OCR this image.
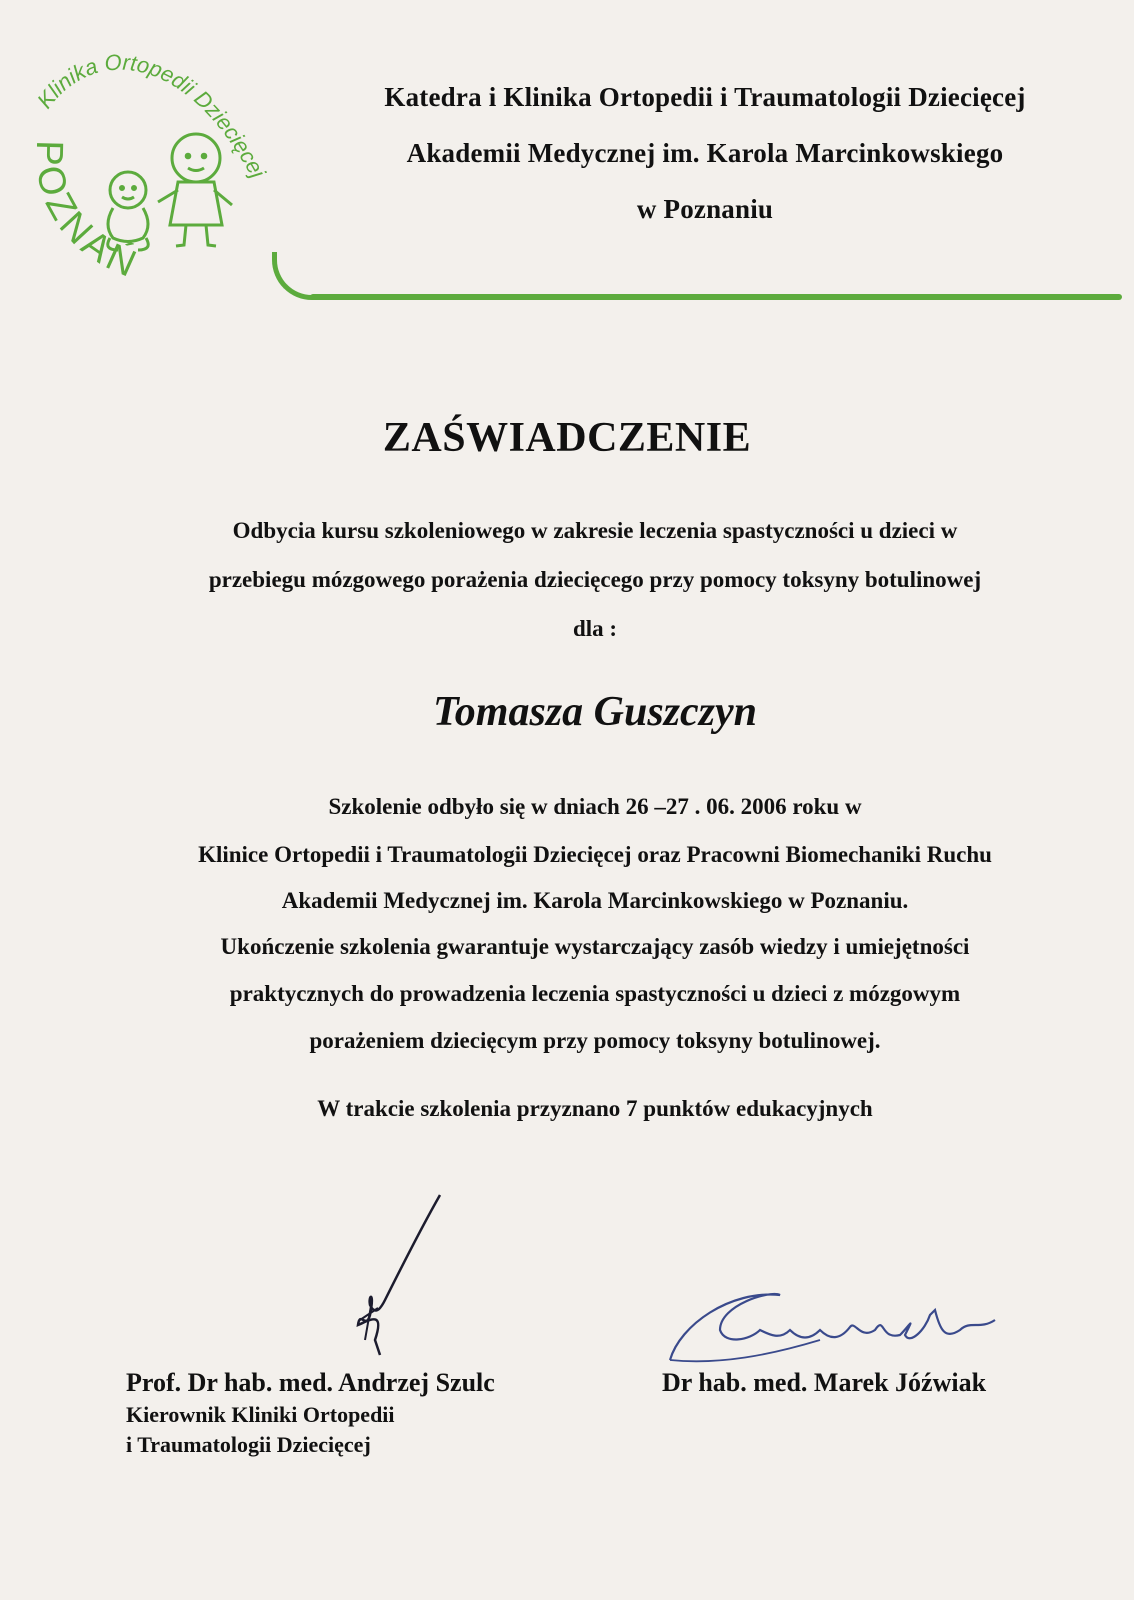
Klinika Ortopedii Dziecięcej
POZNAŃ
Katedra i Klinika Ortopedii i Traumatologii Dziecięcej
Akademii Medycznej im. Karola Marcinkowskiego
w Poznaniu
ZAŚWIADCZENIE
Odbycia kursu szkoleniowego w zakresie leczenia spastyczności u dzieci w
przebiegu mózgowego porażenia dziecięcego przy pomocy toksyny botulinowej
dla :
Tomasza Guszczyn
Szkolenie odbyło się w dniach 26 –27 . 06. 2006 roku w
Klinice Ortopedii i Traumatologii Dziecięcej oraz Pracowni Biomechaniki Ruchu
Akademii Medycznej im. Karola Marcinkowskiego w Poznaniu.
Ukończenie szkolenia gwarantuje wystarczający zasób wiedzy i umiejętności
praktycznych do prowadzenia leczenia spastyczności u dzieci z mózgowym
porażeniem dziecięcym przy pomocy toksyny botulinowej.
W trakcie szkolenia przyznano 7 punktów edukacyjnych
Prof. Dr hab. med. Andrzej Szulc
Kierownik Kliniki Ortopedii
i Traumatologii Dziecięcej
Dr hab. med. Marek Jóźwiak
